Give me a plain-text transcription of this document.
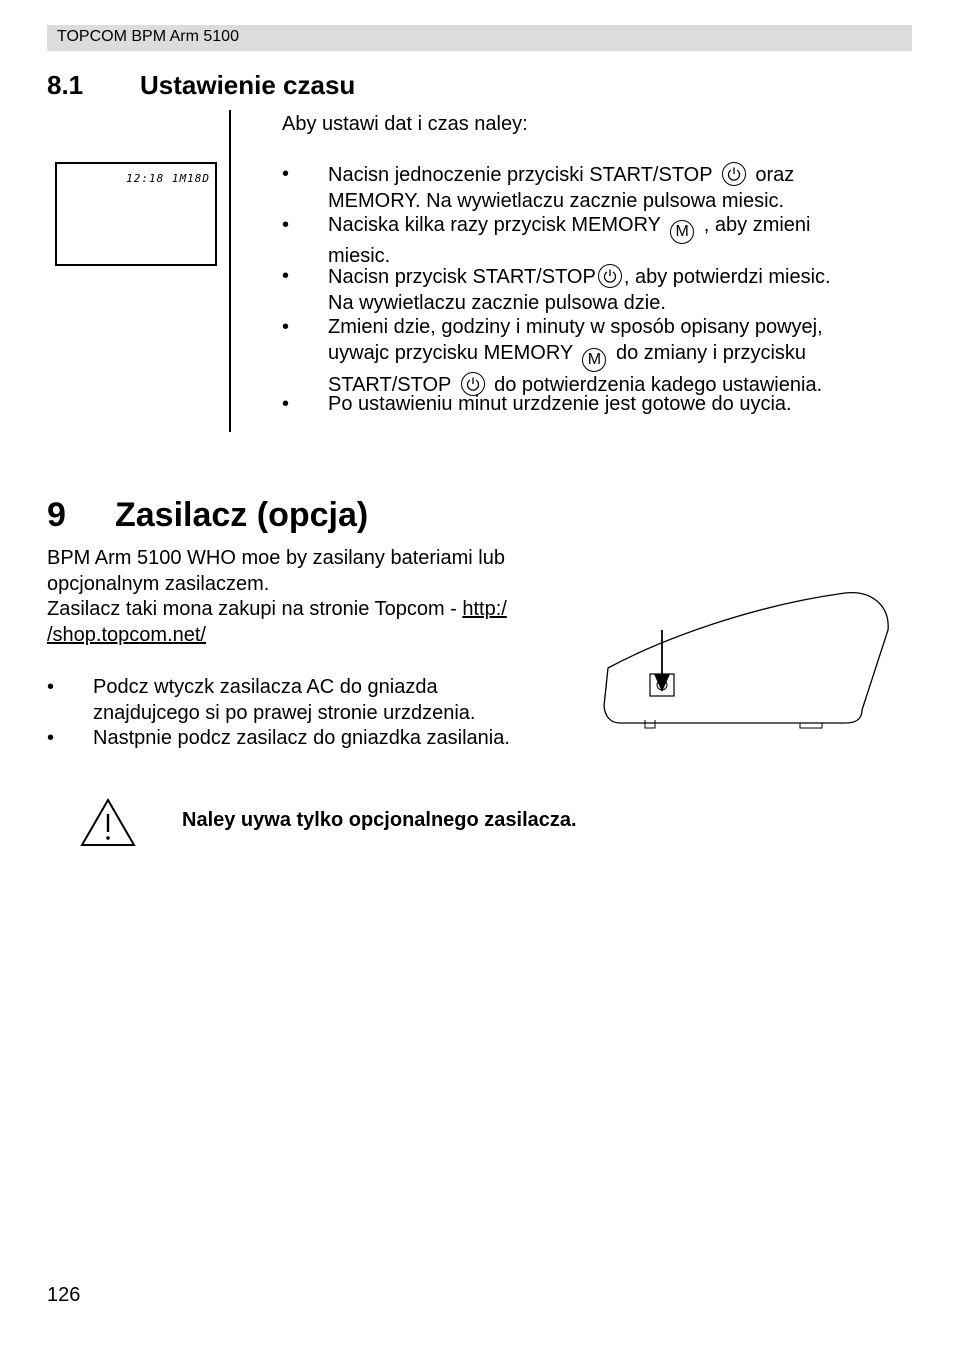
TOPCOM BPM Arm 5100
8.1 Ustawienie czasu
12:18 1M18D
Aby ustawi dat i czas naley:
• Nacisn jednoczenie przyciski START/STOP oraz
MEMORY. Na wywietlaczu zacznie pulsowa miesic.
• Naciska kilka razy przycisk MEMORY M , aby zmieni
miesic.
• Nacisn przycisk START/STOP , aby potwierdzi miesic.
Na wywietlaczu zacznie pulsowa dzie.
• Zmieni dzie, godziny i minuty w sposób opisany powyej,
uywajc przycisku MEMORY M do zmiany i przycisku
START/STOP do potwierdzenia kadego ustawienia.
• Po ustawieniu minut urzdzenie jest gotowe do uycia.
9 Zasilacz (opcja)
BPM Arm 5100 WHO moe by zasilany bateriami lub
opcjonalnym zasilaczem.
Zasilacz taki mona zakupi na stronie Topcom - http:/
/shop.topcom.net/
• Podcz wtyczk zasilacza AC do gniazda
znajdujcego si po prawej stronie urzdzenia.
• Nastpnie podcz zasilacz do gniazdka zasilania.
Naley uywa tylko opcjonalnego zasilacza.
126
